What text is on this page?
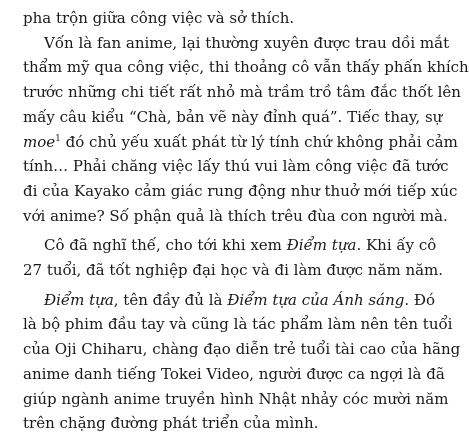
pha trộn giữa công việc và sở thích.

Vốn là fan anime, lại thường xuyên được trau dồi mắt
thẩm mỹ qua công việc, thi thoảng cô vẫn thấy phấn khích
trước những chi tiết rất nhỏ mà trầm trồ tâm đắc thốt lên
mấy câu kiểu “Chà, bản vẽ này đỉnh quá”. Tiếc thay, sự
moe$^1$ đó chủ yếu xuất phát từ lý tính chứ không phải cảm
tính… Phải chăng việc lấy thú vui làm công việc đã tước
đi của Kayako cảm giác rung động như thuở mới tiếp xúc
với anime? Số phận quả là thích trêu đùa con người mà.

Cô đã nghĩ thế, cho tới khi xem Điểm tựa. Khi ấy cô
27 tuổi, đã tốt nghiệp đại học và đi làm được năm năm.

Điểm tựa, tên đầy đủ là Điểm tựa của Ánh sáng. Đó
là bộ phim đầu tay và cũng là tác phẩm làm nên tên tuổi
của Oji Chiharu, chàng đạo diễn trẻ tuổi tài cao của hãng
anime danh tiếng Tokei Video, người được ca ngợi là đã
giúp ngành anime truyền hình Nhật nhảy cóc mười năm
trên chặng đường phát triển của mình.
